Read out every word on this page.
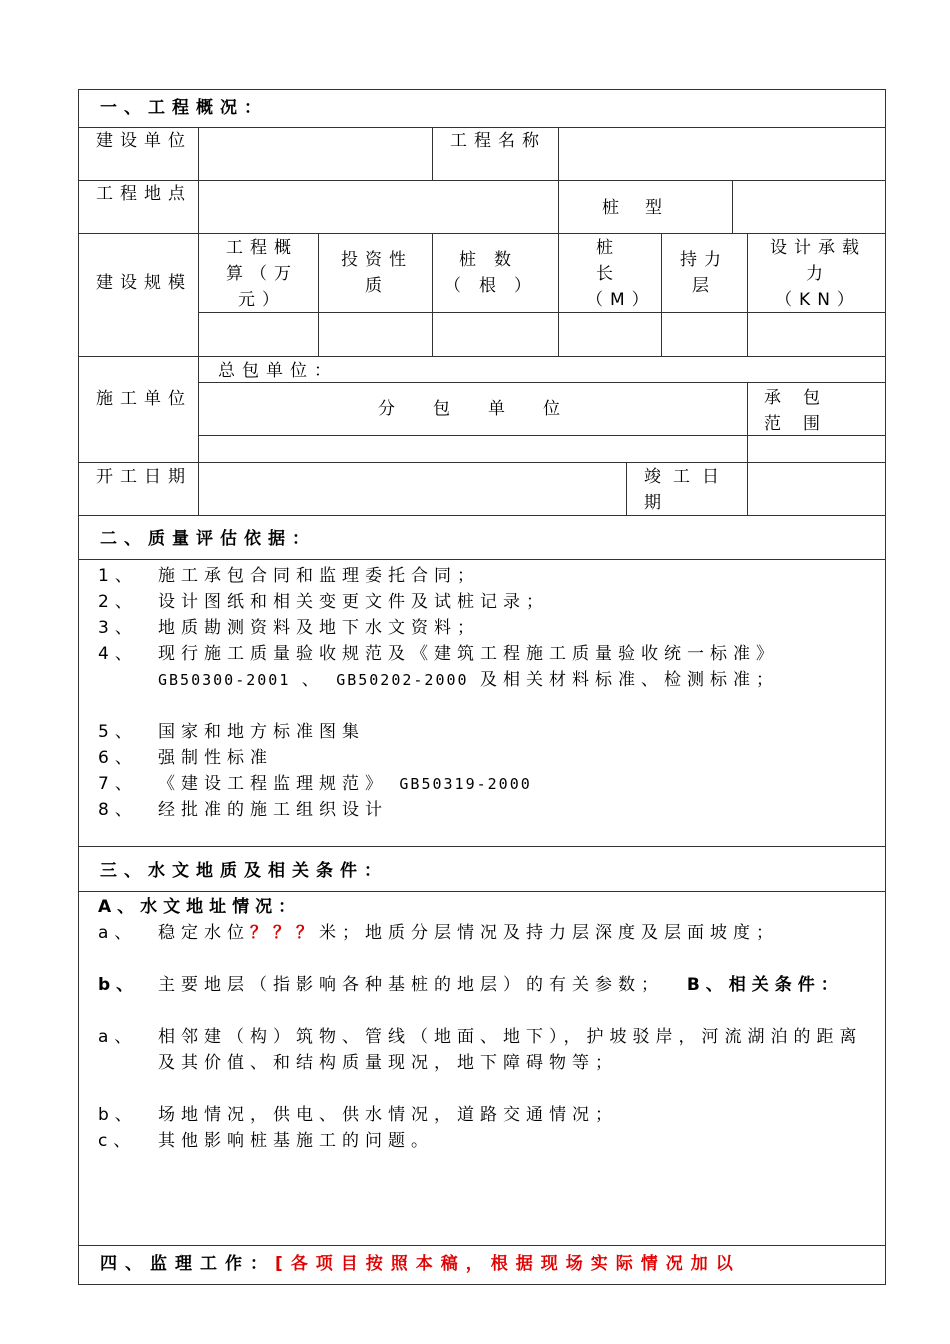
一、工程概况：
建设单位	工程名称
工程地点
桩型
建设规模
工程概算（万元）
投资性质
桩数（根）
桩长（M）
持力层
设计承载力（KN）
施工单位
总包单位：
分包单位
承包范围
开工日期	竣工日期
二、质量评估依据：
1、 施工承包合同和监理委托合同；
2、 设计图纸和相关变更文件及试桩记录；
3、 地质勘测资料及地下水文资料；
4、 现行施工质量验收规范及《建筑工程施工质量验收统一标准》 GB50300-2001 、 GB50202-2000 及相关材料标准、检测标准；
5、 国家和地方标准图集
6、 强制性标准
7、 《建设工程监理规范》 GB50319-2000
8、 经批准的施工组织设计
三、水文地质及相关条件：
A、水文地址情况：
a、 稳定水位？？？米；地质分层情况及持力层深度及层面坡度；
b、 主要地层（指影响各种基桩的地层）的有关参数； B、相关条件：
a、 相邻建（构）筑物、管线（地面、地下），护坡驳岸，河流湖泊的距离及其价值、和结构质量现况，地下障碍物等；
b、 场地情况，供电、供水情况，道路交通情况；
c、 其他影响桩基施工的问题。
四、监理工作：[各项目按照本稿，根据现场实际情况加以
